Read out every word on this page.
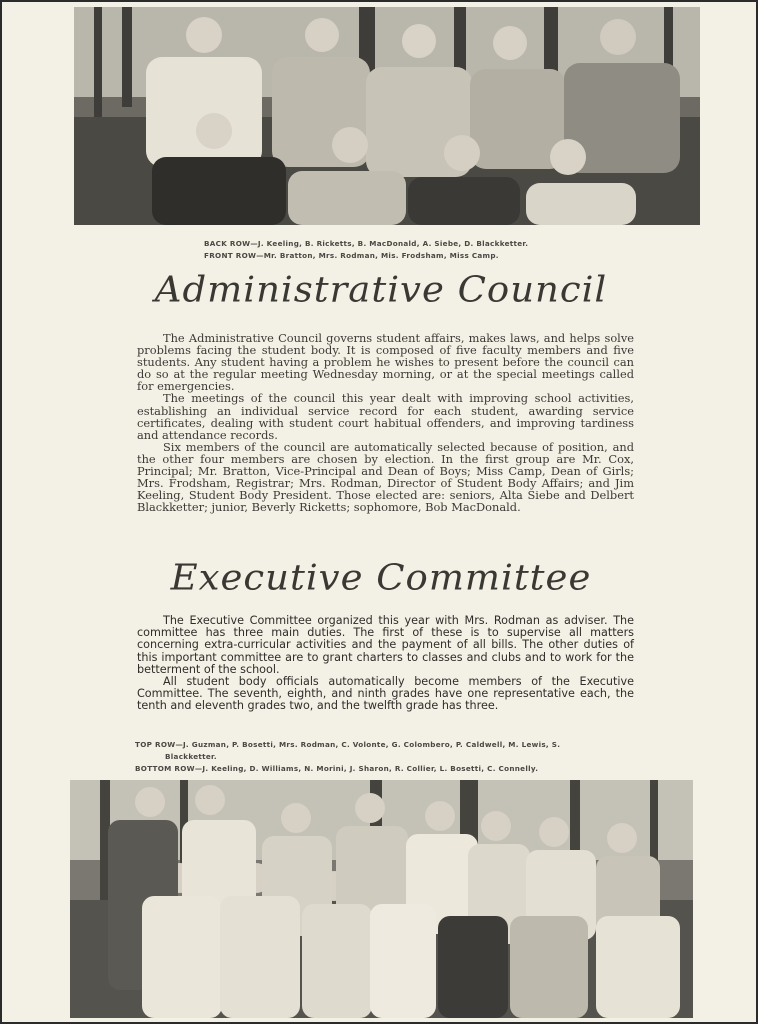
BACK ROW—J. Keeling, B. Ricketts, B. MacDonald, A. Siebe, D. Blackketter.
FRONT ROW—Mr. Bratton, Mrs. Rodman, Mis. Frodsham, Miss Camp.
Administrative Council

The Administrative Council governs student affairs, makes laws, and helps solve problems facing the student body. It is composed of five faculty members and five students. Any student having a problem he wishes to present before the council can do so at the regular meeting Wednesday morning, or at the special meetings called for emergencies.

The meetings of the council this year dealt with improving school activities, establishing an individual service record for each student, awarding service certificates, dealing with student court habitual offenders, and improving tardiness and attendance records.

Six members of the council are automatically selected because of position, and the other four members are chosen by election. In the first group are Mr. Cox, Principal; Mr. Bratton, Vice-Principal and Dean of Boys; Miss Camp, Dean of Girls; Mrs. Frodsham, Registrar; Mrs. Rodman, Director of Student Body Affairs; and Jim Keeling, Student Body President. Those elected are: seniors, Alta Siebe and Delbert Blackketter; junior, Beverly Ricketts; sophomore, Bob MacDonald.

Executive Committee

The Executive Committee organized this year with Mrs. Rodman as adviser. The committee has three main duties. The first of these is to supervise all matters concerning extra-curricular activities and the payment of all bills. The other duties of this important committee are to grant charters to classes and clubs and to work for the betterment of the school.

All student body officials automatically become members of the Executive Committee. The seventh, eighth, and ninth grades have one representative each, the tenth and eleventh grades two, and the twelfth grade has three.

TOP ROW—J. Guzman, P. Bosetti, Mrs. Rodman, C. Volonte, G. Colombero, P. Caldwell, M. Lewis, S.
Blackketter.
BOTTOM ROW—J. Keeling, D. Williams, N. Morini, J. Sharon, R. Collier, L. Bosetti, C. Connelly.
